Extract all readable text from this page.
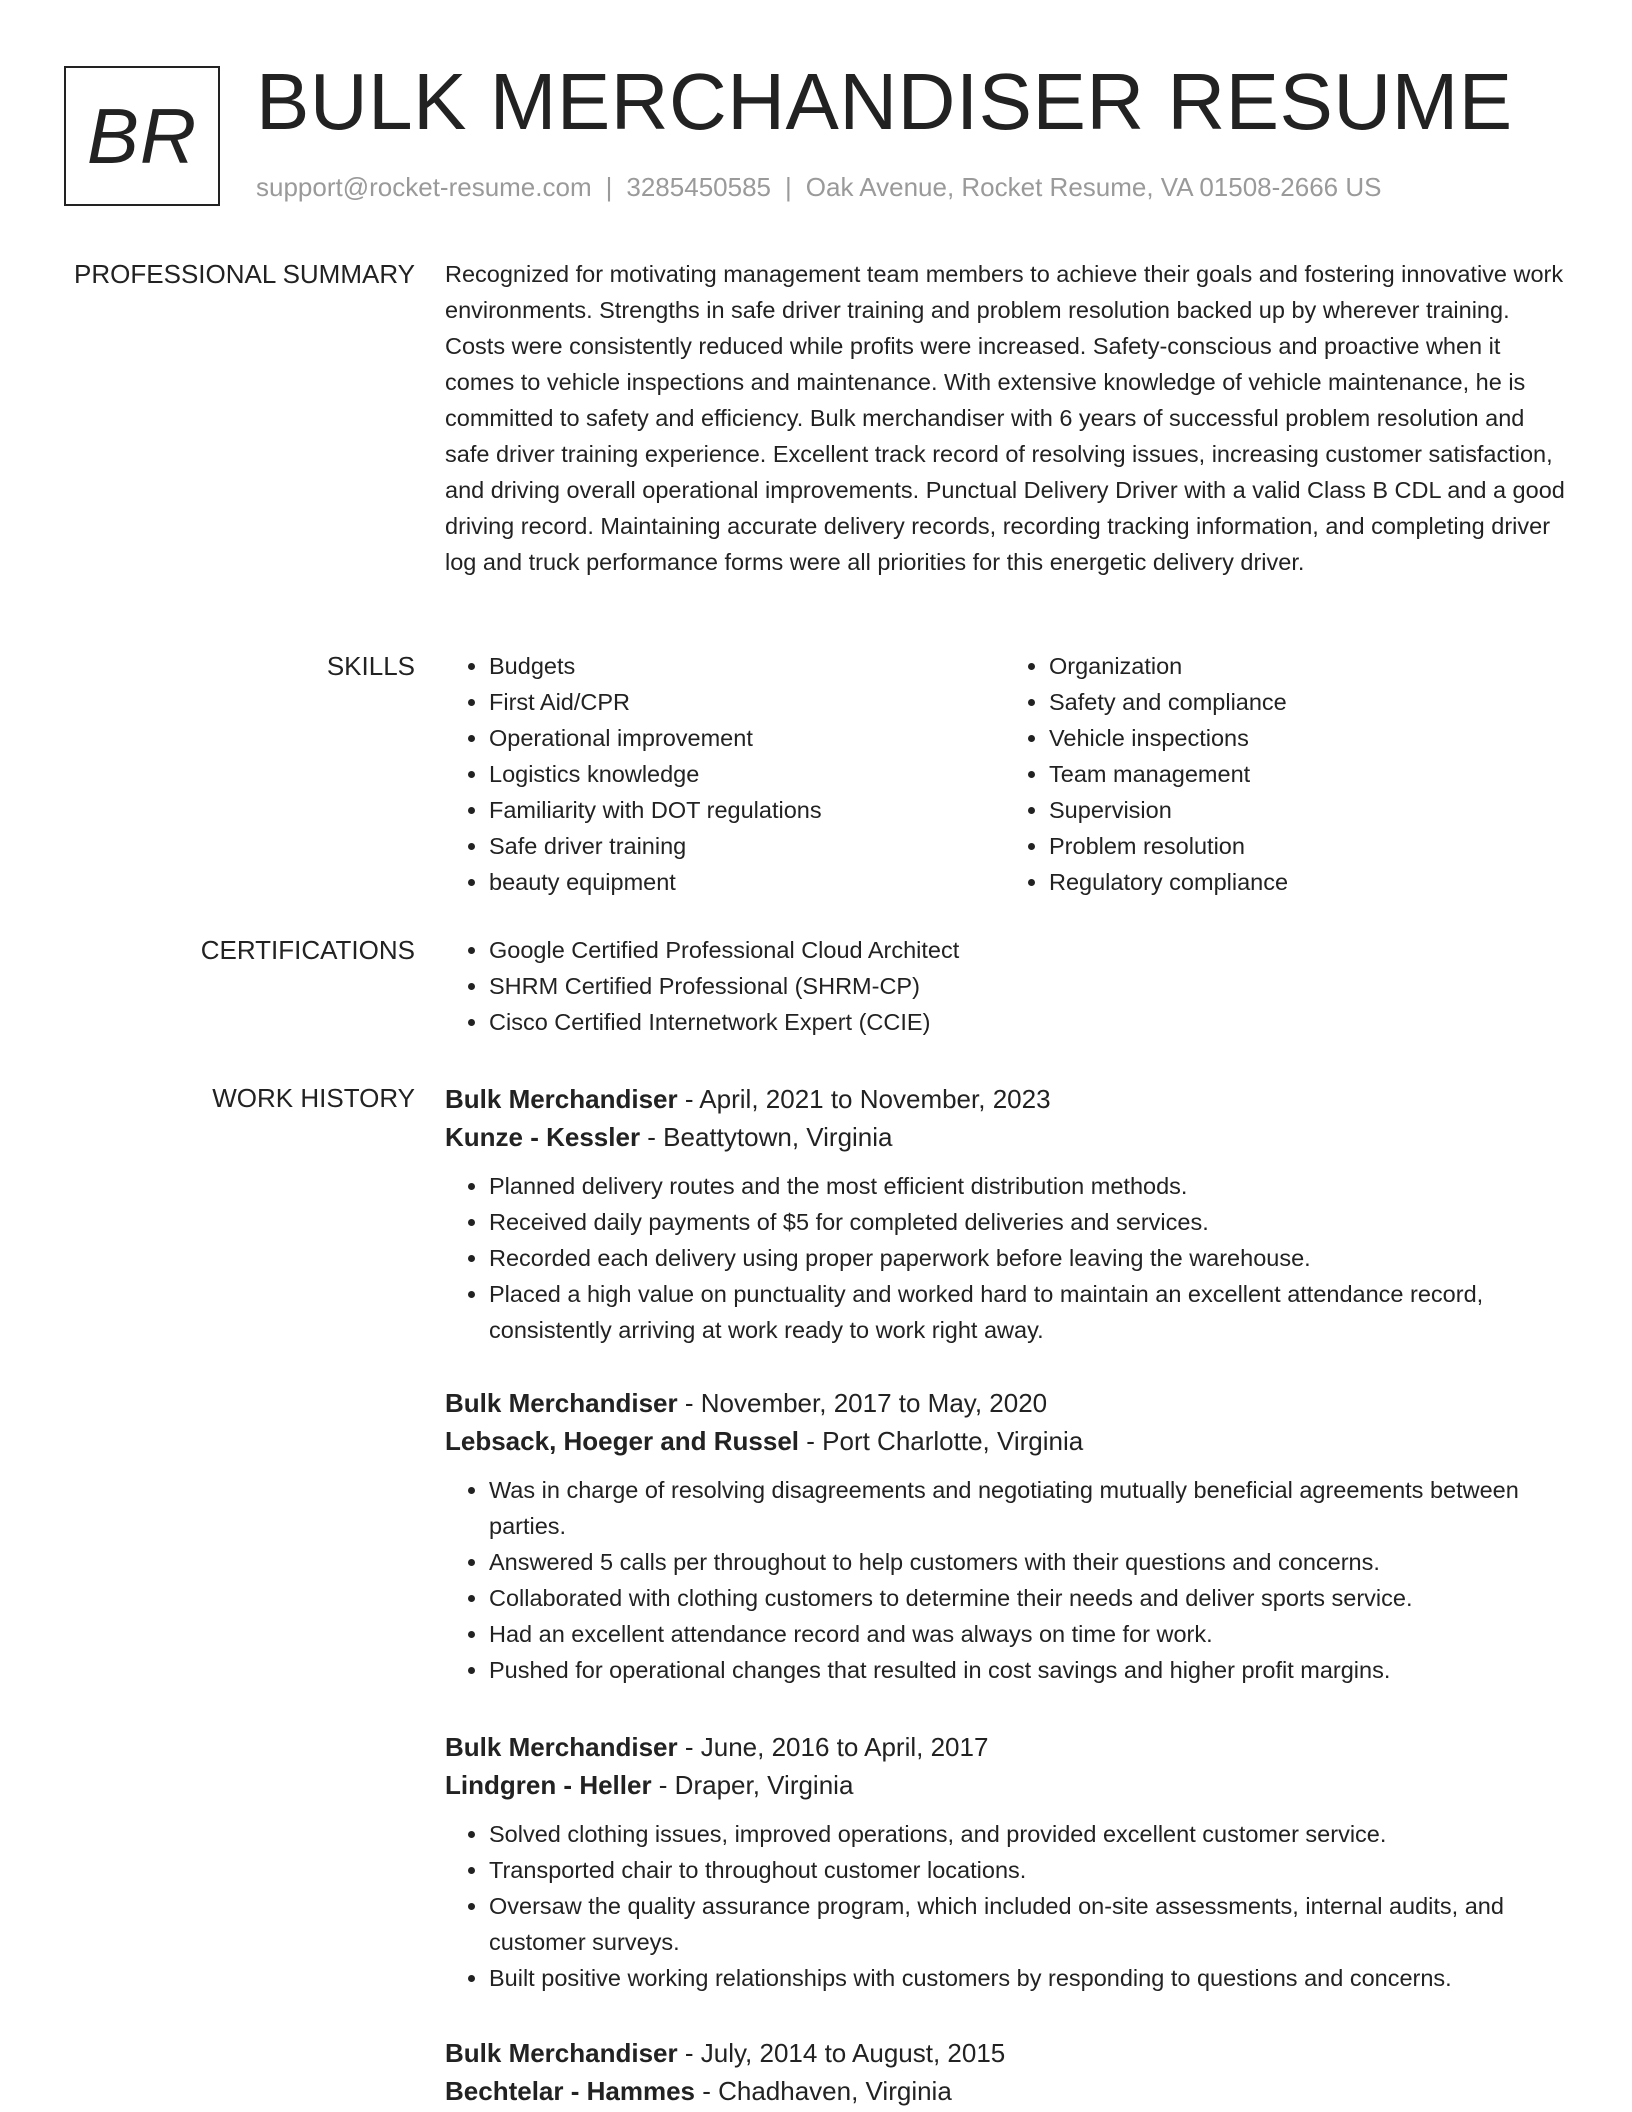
BR BULK MERCHANDISER RESUME
support@rocket-resume.com | 3285450585 | Oak Avenue, Rocket Resume, VA 01508-2666 US
PROFESSIONAL SUMMARY Recognized for motivating management team members to achieve their goals and fostering innovative work environments. Strengths in safe driver training and problem resolution backed up by wherever training. Costs were consistently reduced while profits were increased. Safety-conscious and proactive when it comes to vehicle inspections and maintenance. With extensive knowledge of vehicle maintenance, he is committed to safety and efficiency. Bulk merchandiser with 6 years of successful problem resolution and safe driver training experience. Excellent track record of resolving issues, increasing customer satisfaction, and driving overall operational improvements. Punctual Delivery Driver with a valid Class B CDL and a good driving record. Maintaining accurate delivery records, recording tracking information, and completing driver log and truck performance forms were all priorities for this energetic delivery driver.

SKILLS	• Budgets
• First Aid/CPR
• Operational improvement
• Logistics knowledge
• Familiarity with DOT regulations
• Safe driver training
• beauty equipment
• Organization
• Safety and compliance
• Vehicle inspections
• Team management
• Supervision
• Problem resolution
• Regulatory compliance
CERTIFICATIONS	• Google Certified Professional Cloud Architect
• SHRM Certified Professional (SHRM-CP)
• Cisco Certified Internetwork Expert (CCIE)
WORK HISTORY Bulk Merchandiser - April, 2021 to November, 2023
Kunze - Kessler - Beattytown, Virginia
• Planned delivery routes and the most efficient distribution methods.
• Received daily payments of $5 for completed deliveries and services.
• Recorded each delivery using proper paperwork before leaving the warehouse.
• Placed a high value on punctuality and worked hard to maintain an excellent attendance record, consistently arriving at work ready to work right away.
Bulk Merchandiser - November, 2017 to May, 2020
Lebsack, Hoeger and Russel - Port Charlotte, Virginia
• Was in charge of resolving disagreements and negotiating mutually beneficial agreements between parties.
• Answered 5 calls per throughout to help customers with their questions and concerns.
• Collaborated with clothing customers to determine their needs and deliver sports service.
• Had an excellent attendance record and was always on time for work.
• Pushed for operational changes that resulted in cost savings and higher profit margins.
Bulk Merchandiser - June, 2016 to April, 2017
Lindgren - Heller - Draper, Virginia
• Solved clothing issues, improved operations, and provided excellent customer service.
• Transported chair to throughout customer locations.
• Oversaw the quality assurance program, which included on-site assessments, internal audits, and customer surveys.
• Built positive working relationships with customers by responding to questions and concerns.
Bulk Merchandiser - July, 2014 to August, 2015
Bechtelar - Hammes - Chadhaven, Virginia
